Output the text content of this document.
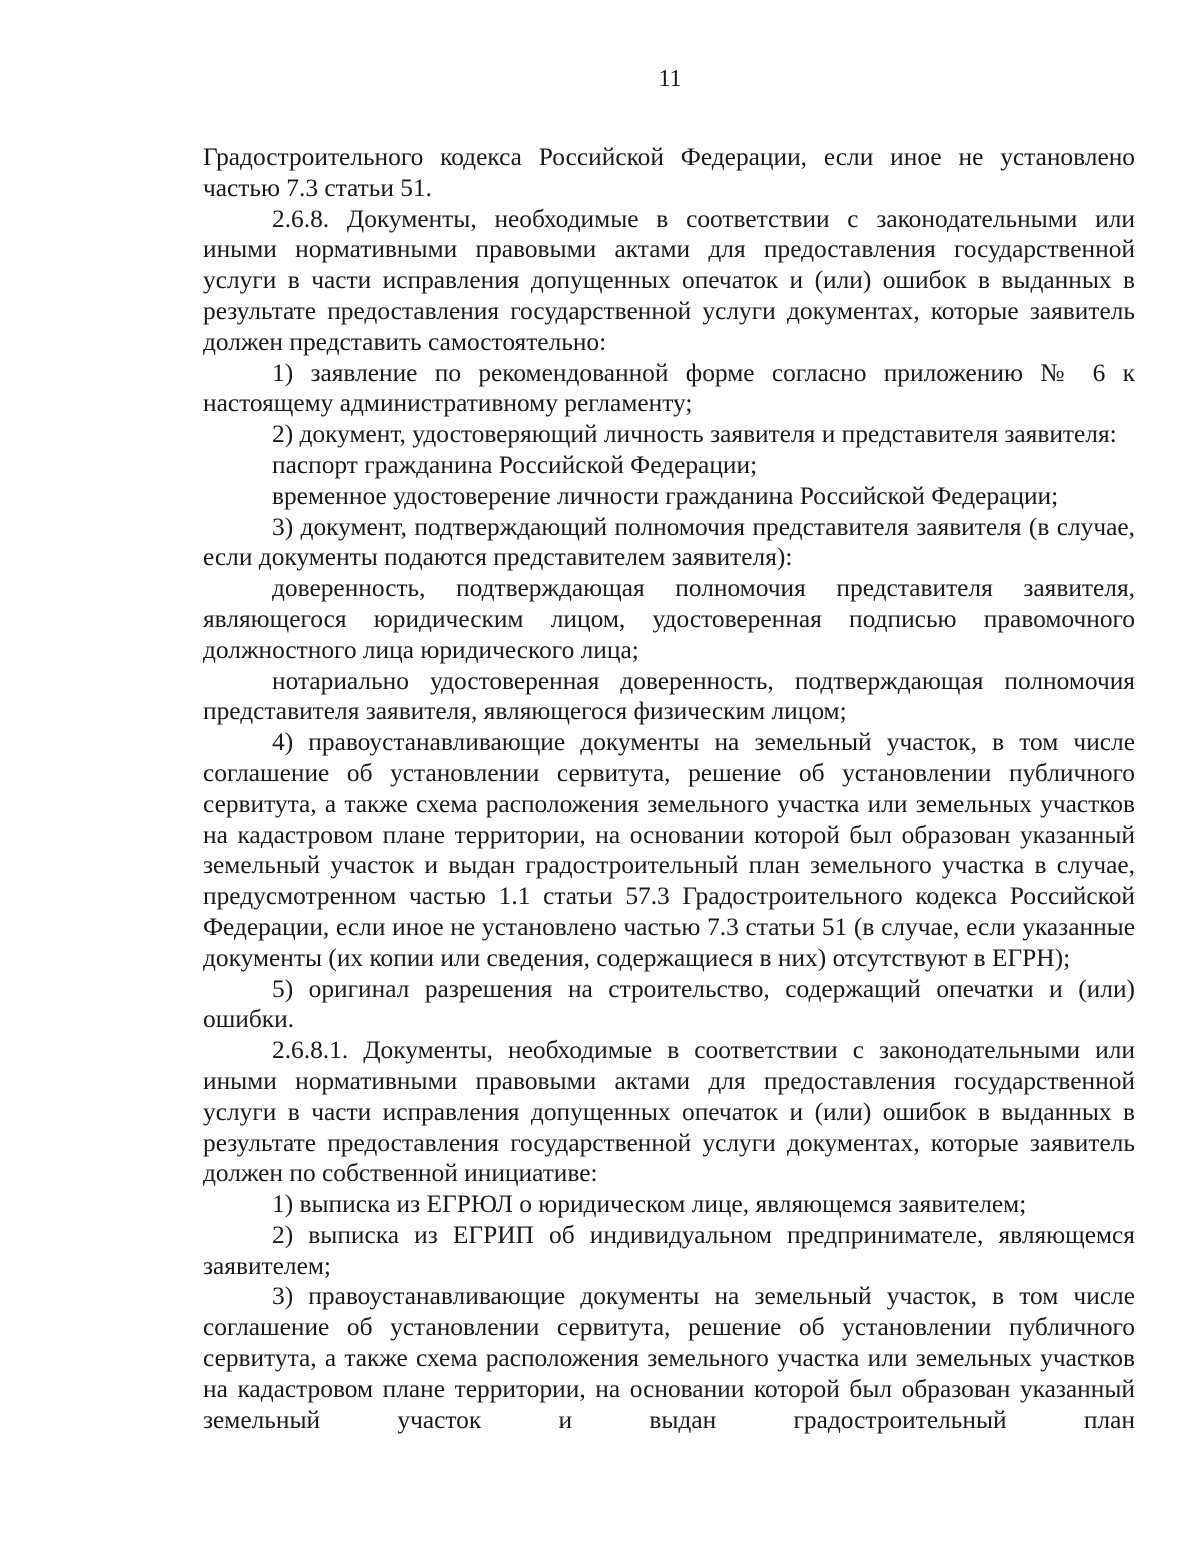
11

Градостроительного кодекса Российской Федерации, если иное не установлено частью 7.3 статьи 51.

2.6.8. Документы, необходимые в соответствии с законодательными или иными нормативными правовыми актами для предоставления государственной услуги в части исправления допущенных опечаток и (или) ошибок в выданных в результате предоставления государственной услуги документах, которые заявитель должен представить самостоятельно:

1) заявление по рекомендованной форме согласно приложению № 6 к настоящему административному регламенту;

2) документ, удостоверяющий личность заявителя и представителя заявителя:

паспорт гражданина Российской Федерации;

временное удостоверение личности гражданина Российской Федерации;

3) документ, подтверждающий полномочия представителя заявителя (в случае, если документы подаются представителем заявителя):

доверенность, подтверждающая полномочия представителя заявителя, являющегося юридическим лицом, удостоверенная подписью правомочного должностного лица юридического лица;

нотариально удостоверенная доверенность, подтверждающая полномочия представителя заявителя, являющегося физическим лицом;

4) правоустанавливающие документы на земельный участок, в том числе соглашение об установлении сервитута, решение об установлении публичного сервитута, а также схема расположения земельного участка или земельных участков на кадастровом плане территории, на основании которой был образован указанный земельный участок и выдан градостроительный план земельного участка в случае, предусмотренном частью 1.1 статьи 57.3 Градостроительного кодекса Российской Федерации, если иное не установлено частью 7.3 статьи 51 (в случае, если указанные документы (их копии или сведения, содержащиеся в них) отсутствуют в ЕГРН);

5) оригинал разрешения на строительство, содержащий опечатки и (или) ошибки.

2.6.8.1. Документы, необходимые в соответствии с законодательными или иными нормативными правовыми актами для предоставления государственной услуги в части исправления допущенных опечаток и (или) ошибок в выданных в результате предоставления государственной услуги документах, которые заявитель должен по собственной инициативе:

1) выписка из ЕГРЮЛ о юридическом лице, являющемся заявителем;

2) выписка из ЕГРИП об индивидуальном предпринимателе, являющемся заявителем;

3) правоустанавливающие документы на земельный участок, в том числе соглашение об установлении сервитута, решение об установлении публичного сервитута, а также схема расположения земельного участка или земельных участков на кадастровом плане территории, на основании которой был образован указанный земельный участок и выдан градостроительный план
